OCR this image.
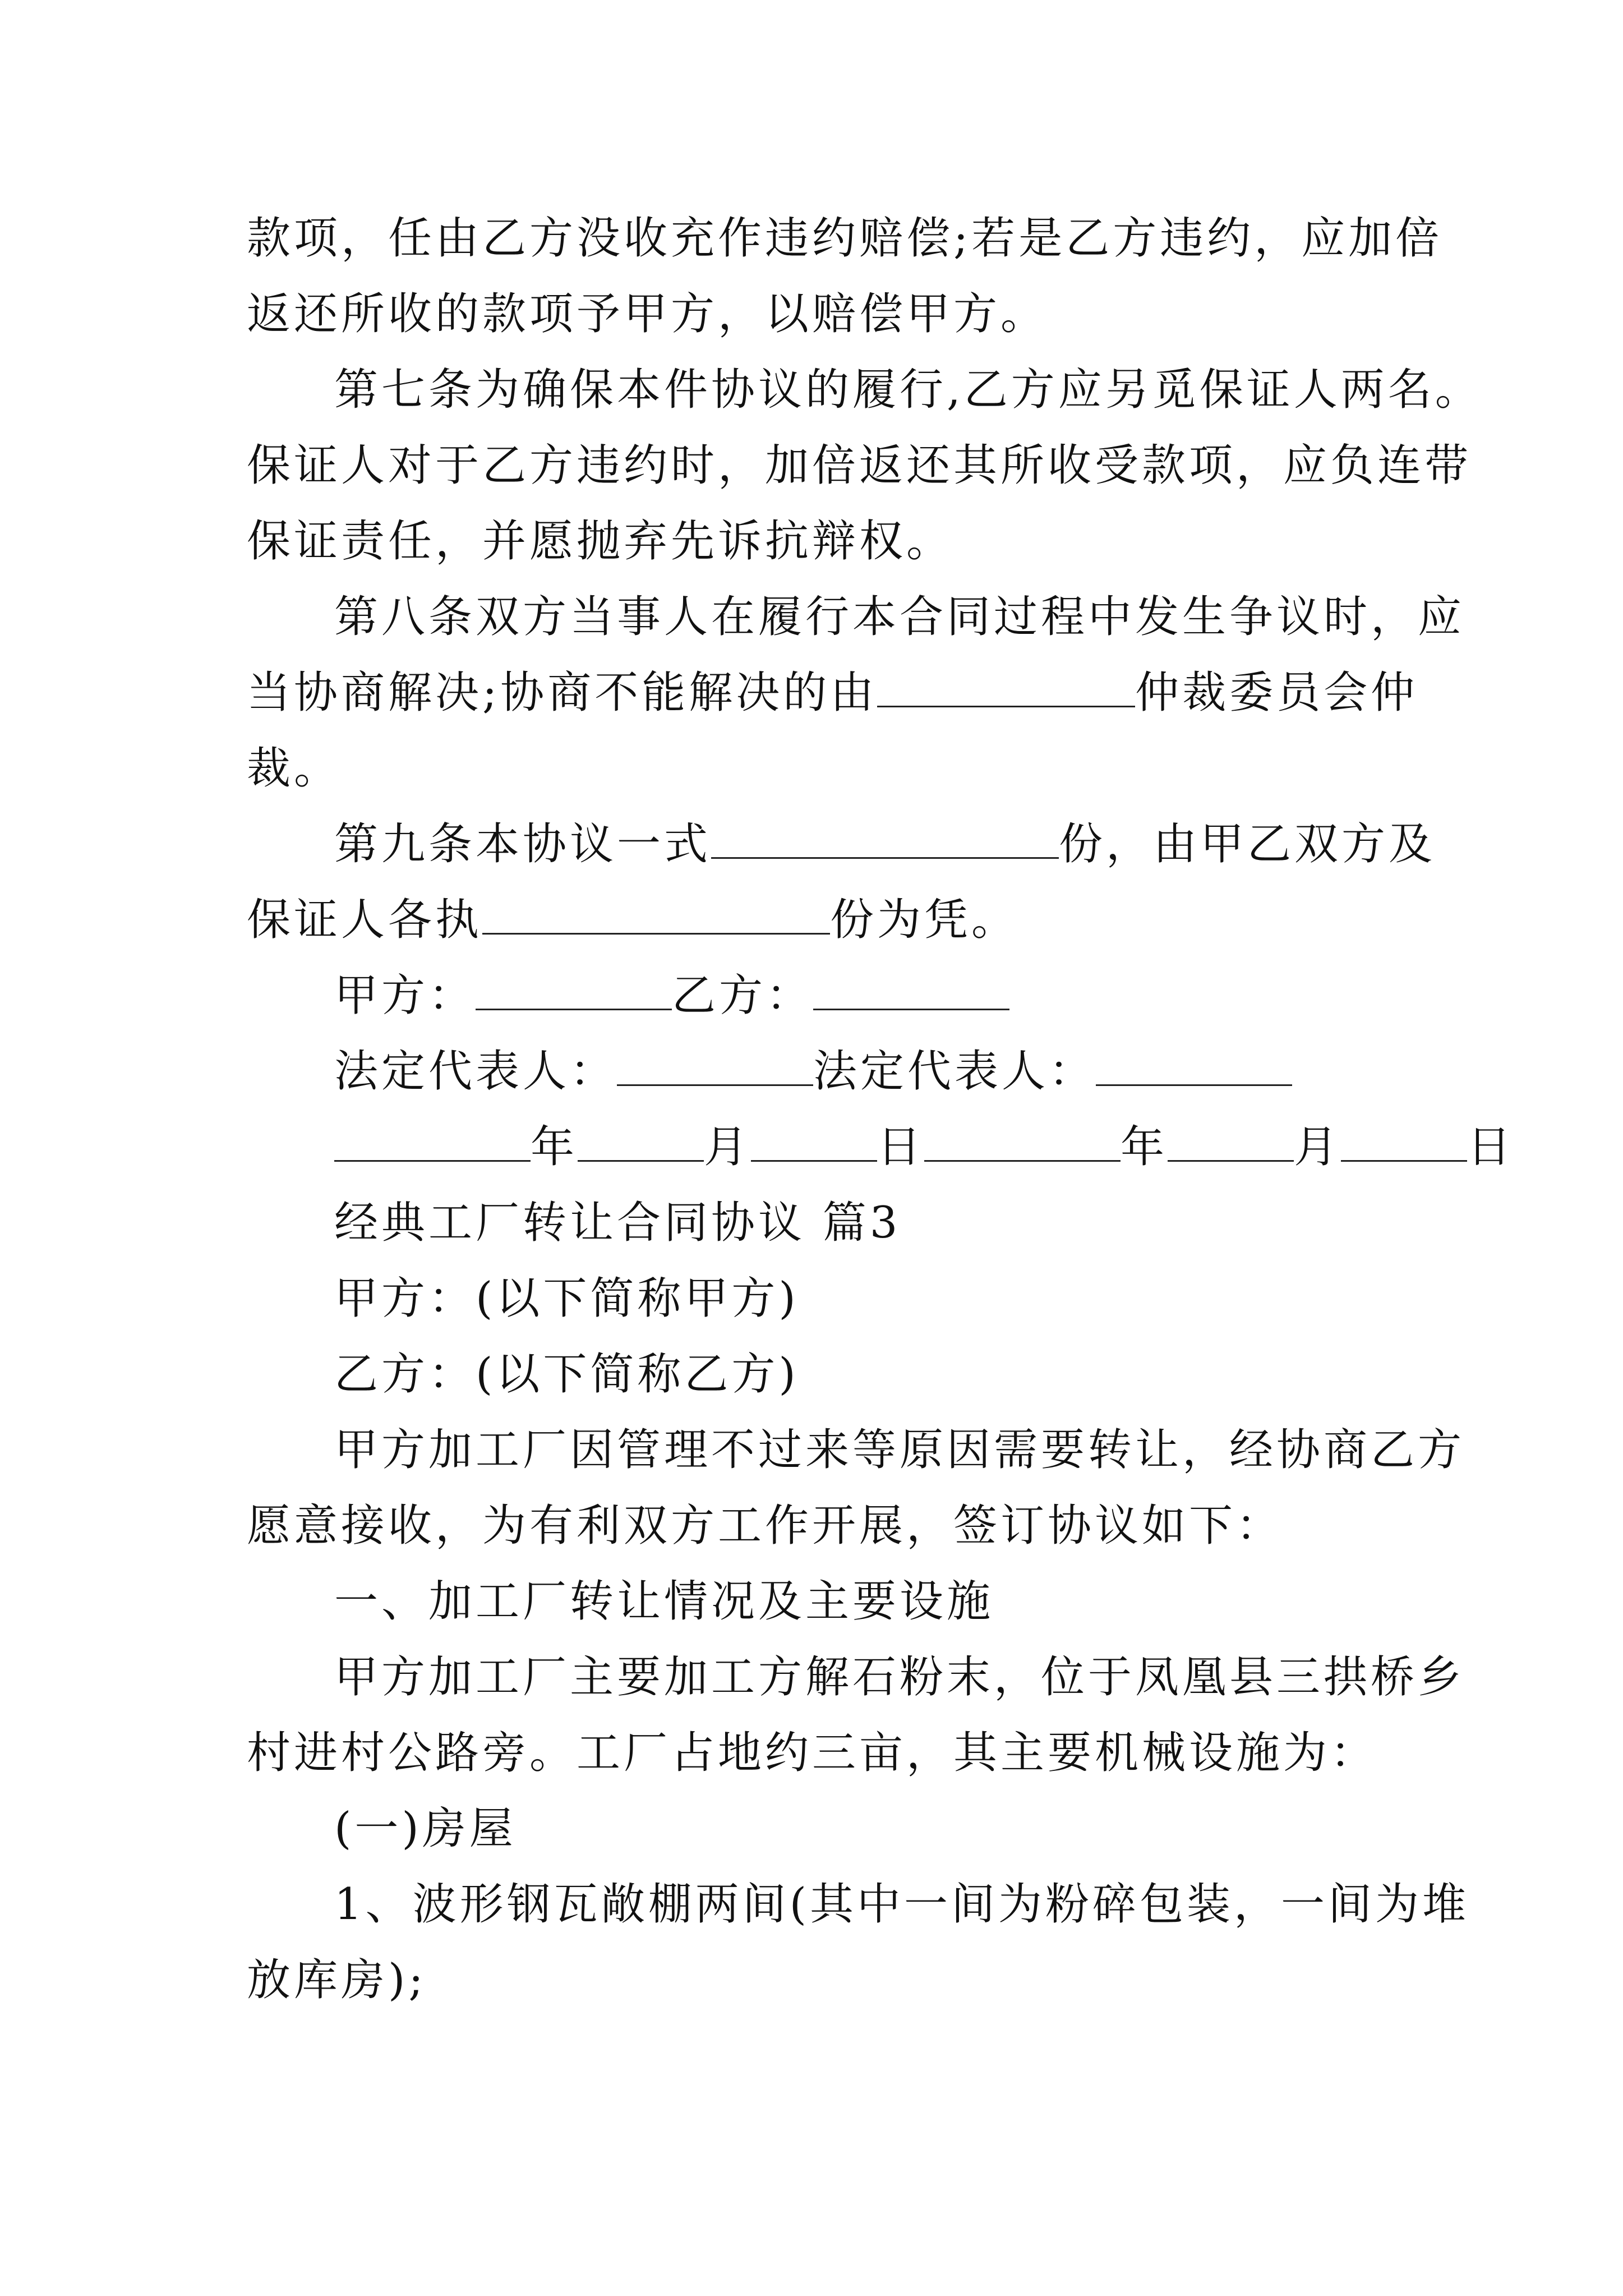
款项，任由乙方没收充作违约赔偿;若是乙方违约，应加倍
返还所收的款项予甲方，以赔偿甲方。
第七条为确保本件协议的履行,乙方应另觅保证人两名。
保证人对于乙方违约时，加倍返还其所收受款项，应负连带
保证责任，并愿抛弃先诉抗辩权。
第八条双方当事人在履行本合同过程中发生争议时，应
当协商解决;协商不能解决的由	仲裁委员会仲
裁。
第九条本协议一式	份，由甲乙双方及
保证人各执	份为凭。
甲方：	乙方：
法定代表人：	法定代表人：
年	月	日	年	月	日
经典工厂转让合同协议 篇3
甲方：(以下简称甲方)
乙方：(以下简称乙方)
甲方加工厂因管理不过来等原因需要转让，经协商乙方
愿意接收，为有利双方工作开展，签订协议如下：
一、加工厂转让情况及主要设施
甲方加工厂主要加工方解石粉末，位于凤凰县三拱桥乡
村进村公路旁。工厂占地约三亩，其主要机械设施为：
(一)房屋
1、波形钢瓦敞棚两间(其中一间为粉碎包装，一间为堆
放库房);
